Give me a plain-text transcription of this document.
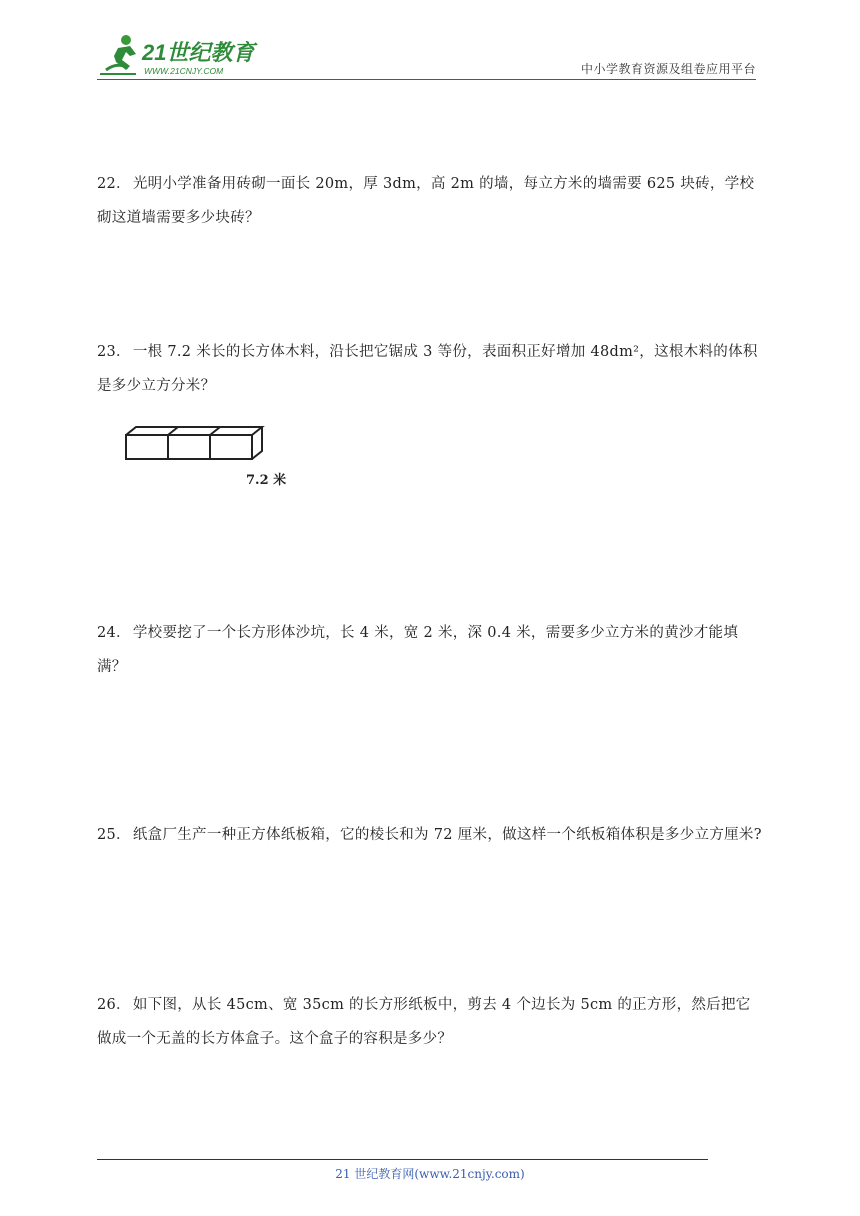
21世纪教育
WWW.21CNJY.COM	中小学教育资源及组卷应用平台
22． 光明小学准备用砖砌一面长 20m，厚 3dm，高 2m 的墙，每立方米的墙需要 625 块砖，学校砌这道墙需要多少块砖？
23． 一根 7.2 米长的长方体木料，沿长把它锯成 3 等份，表面积正好增加 48dm²，这根木料的体积是多少立方分米？
7.2 米
24． 学校要挖了一个长方形体沙坑，长 4 米，宽 2 米，深 0.4 米，需要多少立方米的黄沙才能填满？
25． 纸盒厂生产一种正方体纸板箱，它的棱长和为 72 厘米，做这样一个纸板箱体积是多少立方厘米?
26． 如下图，从长 45cm、宽 35cm 的长方形纸板中，剪去 4 个边长为 5cm 的正方形，然后把它做成一个无盖的长方体盒子。这个盒子的容积是多少？
21 世纪教育网(www.21cnjy.com)
